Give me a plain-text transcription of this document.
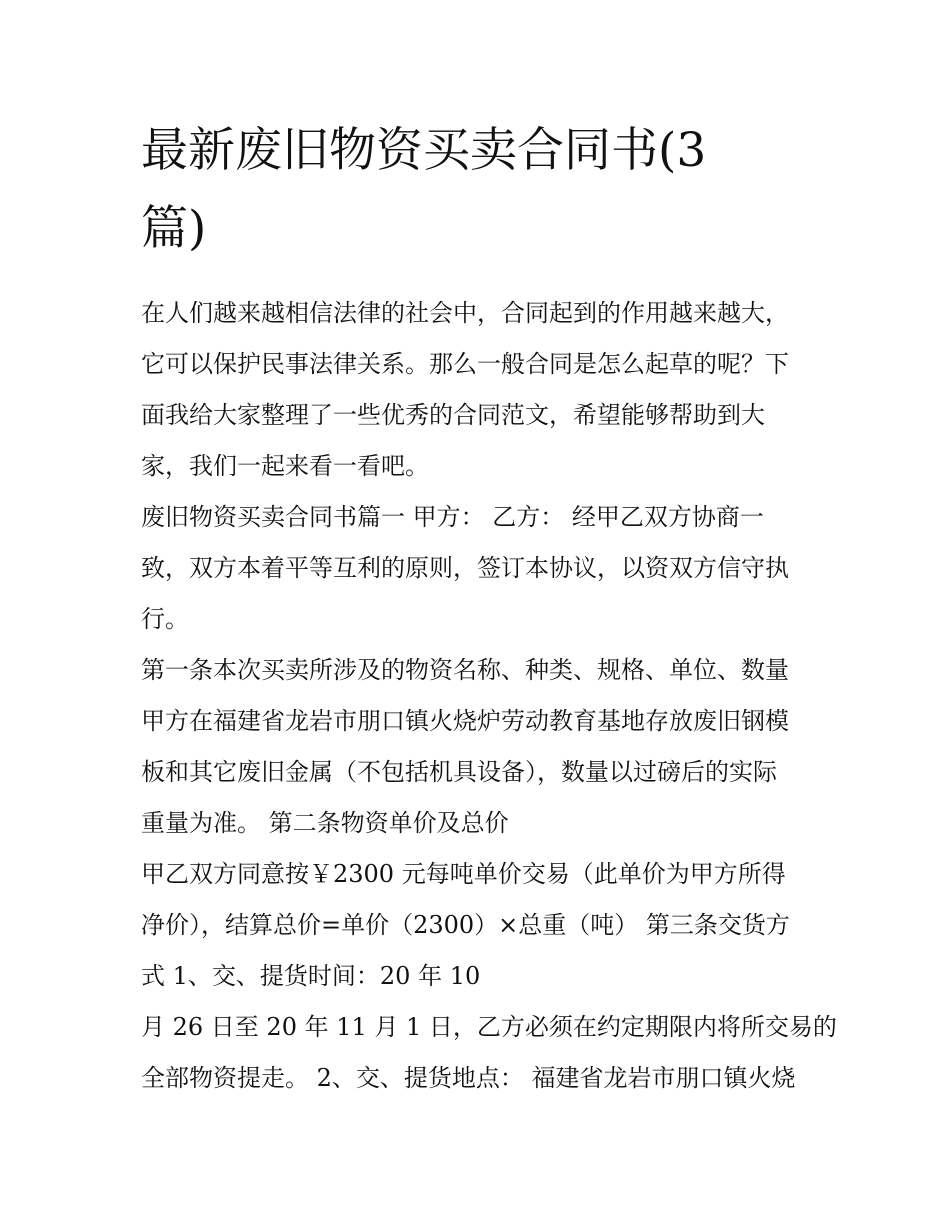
最新废旧物资买卖合同书(3
篇)

在人们越来越相信法律的社会中，合同起到的作用越来越大，
它可以保护民事法律关系。那么一般合同是怎么起草的呢？下
面我给大家整理了一些优秀的合同范文，希望能够帮助到大
家，我们一起来看一看吧。

废旧物资买卖合同书篇一 甲方： 乙方： 经甲乙双方协商一
致，双方本着平等互利的原则，签订本协议，以资双方信守执
行。

第一条本次买卖所涉及的物资名称、种类、规格、单位、数量
甲方在福建省龙岩市朋口镇火烧炉劳动教育基地存放废旧钢模
板和其它废旧金属（不包括机具设备），数量以过磅后的实际
重量为准。 第二条物资单价及总价

甲乙双方同意按￥2300 元每吨单价交易（此单价为甲方所得
净价），结算总价=单价（2300）×总重（吨） 第三条交货方
式 1、交、提货时间：20 年 10

月 26 日至 20 年 11 月 1 日，乙方必须在约定期限内将所交易的
全部物资提走。 2、交、提货地点： 福建省龙岩市朋口镇火烧
